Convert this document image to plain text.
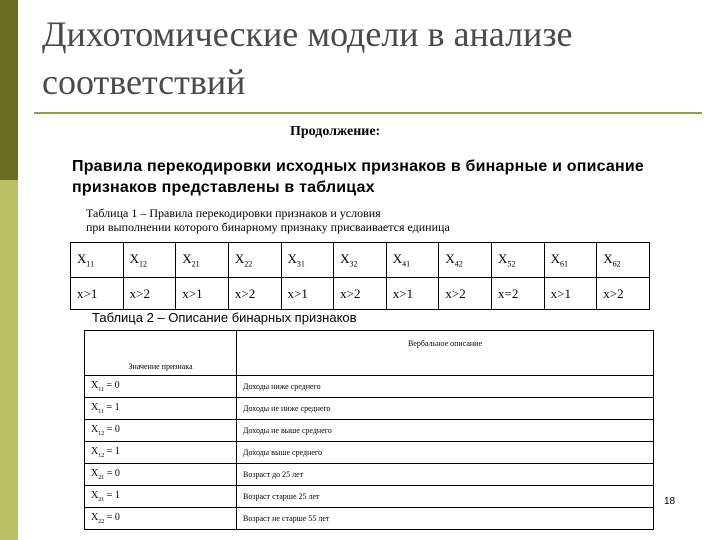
Дихотомические модели в анализе соответствий
Продолжение:
Правила перекодировки исходных признаков в бинарные и описание признаков представлены в таблицах
Таблица 1 – Правила перекодировки признаков и условия
при выполнении которого бинарному признаку присваивается единица
$X_{11}$	$X_{12}$	$X_{21}$	$X_{22}$	$X_{31}$	$X_{32}$	$X_{41}$	$X_{42}$	$X_{52}$	$X_{61}$	$X_{62}$
x>1	x>2	x>1	x>2	x>1	x>2	x>1	x>2	x=2	x>1	x>2
Таблица 2 – Описание бинарных признаков
Значение признака	Вербальное описание
$X_{11} = 0$	Доходы ниже среднего
$X_{11} = 1$	Доходы не ниже среднего
$X_{12} = 0$	Доходы не выше среднего
$X_{12} = 1$	Доходы выше среднего
$X_{21} = 0$	Возраст до 25 лет
$X_{21} = 1$	Возраст старше 25 лет
$X_{22} = 0$	Возраст не старше 55 лет
18
